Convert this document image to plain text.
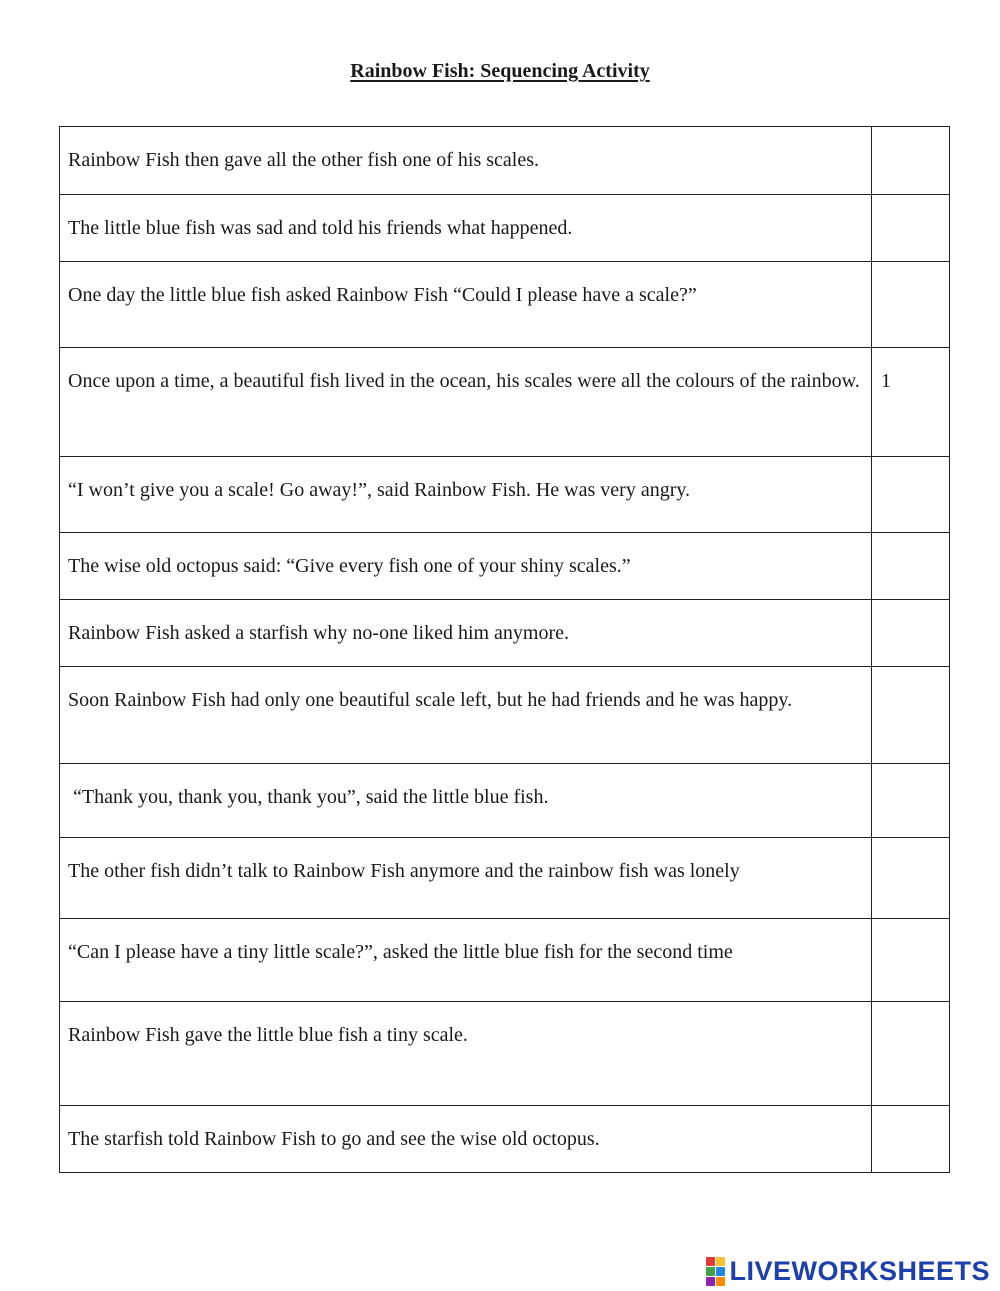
Rainbow Fish: Sequencing Activity
Rainbow Fish then gave all the other fish one of his scales.	
The little blue fish was sad and told his friends what happened.	
One day the little blue fish asked Rainbow Fish “Could I please have a scale?”	
Once upon a time, a beautiful fish lived in the ocean, his scales were all the colours of the rainbow.	1
“I won’t give you a scale! Go away!”, said Rainbow Fish. He was very angry.	
The wise old octopus said: “Give every fish one of your shiny scales.”	
Rainbow Fish asked a starfish why no-one liked him anymore.	
Soon Rainbow Fish had only one beautiful scale left, but he had friends and he was happy.	
“Thank you, thank you, thank you”, said the little blue fish.	
The other fish didn’t talk to Rainbow Fish anymore and the rainbow fish was lonely	
“Can I please have a tiny little scale?”, asked the little blue fish for the second time	
Rainbow Fish gave the little blue fish a tiny scale.	
The starfish told Rainbow Fish to go and see the wise old octopus.	
LIVEWORKSHEETS
